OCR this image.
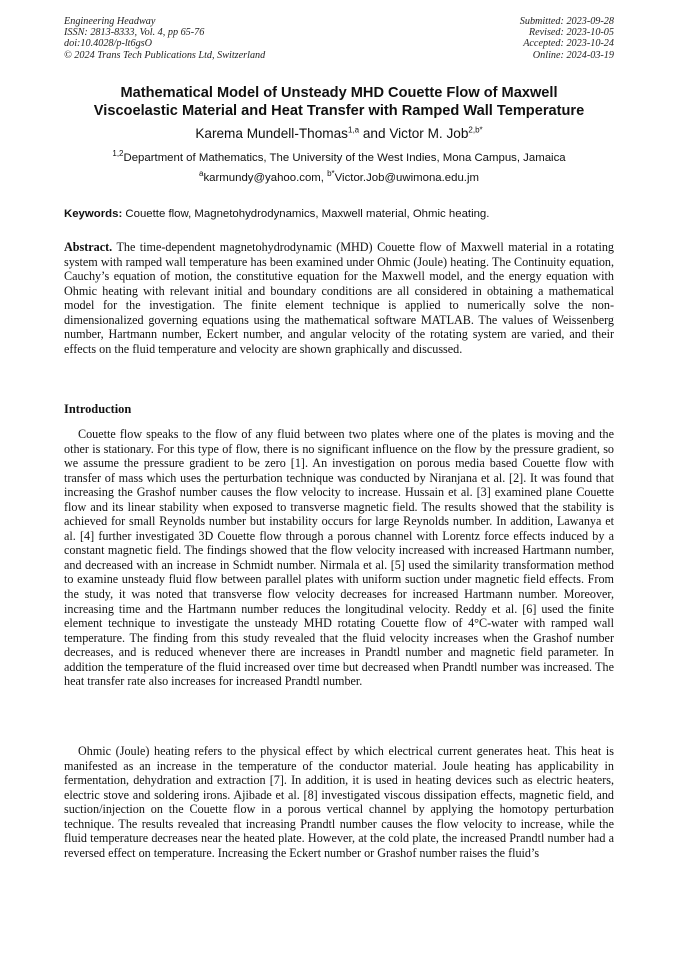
Engineering Headway
ISSN: 2813-8333, Vol. 4, pp 65-76
doi:10.4028/p-lt6gsO
© 2024 Trans Tech Publications Ltd, Switzerland
Submitted: 2023-09-28
Revised: 2023-10-05
Accepted: 2023-10-24
Online: 2024-03-19
Mathematical Model of Unsteady MHD Couette Flow of Maxwell
Viscoelastic Material and Heat Transfer with Ramped Wall Temperature
Karema Mundell-Thomas$^{1,a}$ and Victor M. Job$^{2,b*}$
$^{1,2}$Department of Mathematics, The University of the West Indies, Mona Campus, Jamaica
$^a$karmundy@yahoo.com, $^{b*}$Victor.Job@uwimona.edu.jm
Keywords: Couette flow, Magnetohydrodynamics, Maxwell material, Ohmic heating.
Abstract. The time-dependent magnetohydrodynamic (MHD) Couette flow of Maxwell material in a rotating system with ramped wall temperature has been examined under Ohmic (Joule) heating. The Continuity equation, Cauchy’s equation of motion, the constitutive equation for the Maxwell model, and the energy equation with Ohmic heating with relevant initial and boundary conditions are all considered in obtaining a mathematical model for the investigation. The finite element technique is applied to numerically solve the non-dimensionalized governing equations using the mathematical software MATLAB. The values of Weissenberg number, Hartmann number, Eckert number, and angular velocity of the rotating system are varied, and their effects on the fluid temperature and velocity are shown graphically and discussed.
Introduction
Couette flow speaks to the flow of any fluid between two plates where one of the plates is moving and the other is stationary. For this type of flow, there is no significant influence on the flow by the pressure gradient, so we assume the pressure gradient to be zero [1]. An investigation on porous media based Couette flow with transfer of mass which uses the perturbation technique was conducted by Niranjana et al. [2]. It was found that increasing the Grashof number causes the flow velocity to increase. Hussain et al. [3] examined plane Couette flow and its linear stability when exposed to transverse magnetic field. The results showed that the stability is achieved for small Reynolds number but instability occurs for large Reynolds number. In addition, Lawanya et al. [4] further investigated 3D Couette flow through a porous channel with Lorentz force effects induced by a constant magnetic field. The findings showed that the flow velocity increased with increased Hartmann number, and decreased with an increase in Schmidt number. Nirmala et al. [5] used the similarity transformation method to examine unsteady fluid flow between parallel plates with uniform suction under magnetic field effects. From the study, it was noted that transverse flow velocity decreases for increased Hartmann number. Moreover, increasing time and the Hartmann number reduces the longitudinal velocity. Reddy et al. [6] used the finite element technique to investigate the unsteady MHD rotating Couette flow of 4°C-water with ramped wall temperature. The finding from this study revealed that the fluid velocity increases when the Grashof number decreases, and is reduced whenever there are increases in Prandtl number and magnetic field parameter. In addition the temperature of the fluid increased over time but decreased when Prandtl number was increased. The heat transfer rate also increases for increased Prandtl number.
Ohmic (Joule) heating refers to the physical effect by which electrical current generates heat. This heat is manifested as an increase in the temperature of the conductor material. Joule heating has applicability in fermentation, dehydration and extraction [7]. In addition, it is used in heating devices such as electric heaters, electric stove and soldering irons. Ajibade et al. [8] investigated viscous dissipation effects, magnetic field, and suction/injection on the Couette flow in a porous vertical channel by applying the homotopy perturbation technique. The results revealed that increasing Prandtl number causes the flow velocity to increase, while the fluid temperature decreases near the heated plate. However, at the cold plate, the increased Prandtl number had a reversed effect on temperature. Increasing the Eckert number or Grashof number raises the fluid’s
